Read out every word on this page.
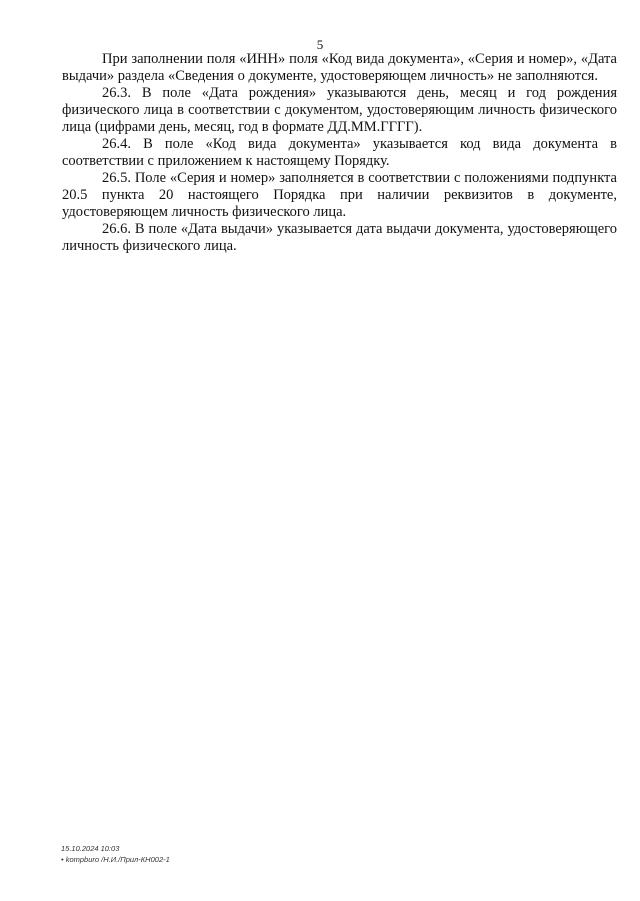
5

При заполнении поля «ИНН» поля «Код вида документа», «Серия и номер», «Дата выдачи» раздела «Сведения о документе, удостоверяющем личность» не заполняются.

26.3. В поле «Дата рождения» указываются день, месяц и год рождения физического лица в соответствии с документом, удостоверяющим личность физического лица (цифрами день, месяц, год в формате ДД.ММ.ГГГГ).

26.4. В поле «Код вида документа» указывается код вида документа в соответствии с приложением к настоящему Порядку.

26.5. Поле «Серия и номер» заполняется в соответствии с положениями подпункта 20.5 пункта 20 настоящего Порядка при наличии реквизитов в документе, удостоверяющем личность физического лица.

26.6. В поле «Дата выдачи» указывается дата выдачи документа, удостоверяющего личность физического лица.

15.10.2024 10:03
• kompburo /Н.И./Прил-КН002-1
